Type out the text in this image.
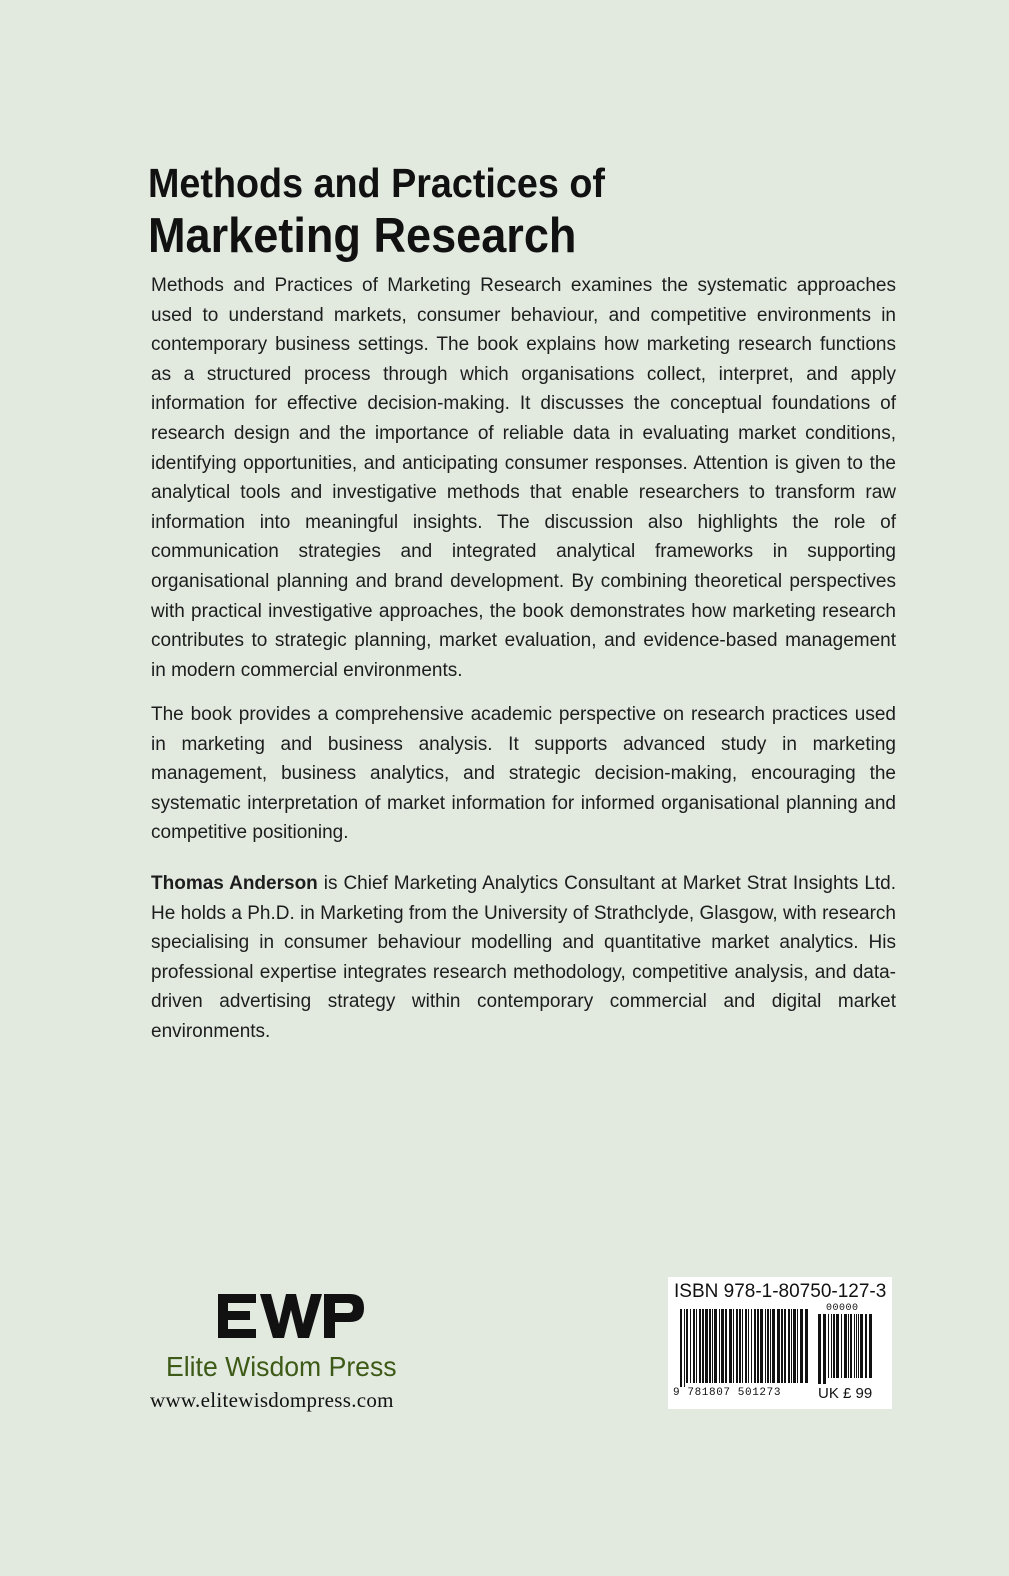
Methods and Practices of
Marketing Research

Methods and Practices of Marketing Research examines the systematic approaches used to understand markets, consumer behaviour, and competitive environments in contemporary business settings. The book explains how marketing research functions as a structured process through which organisations collect, interpret, and apply information for effective decision-making. It discusses the conceptual foundations of research design and the importance of reliable data in evaluating market conditions, identifying opportunities, and anticipating consumer responses. Attention is given to the analytical tools and investigative methods that enable researchers to transform raw information into meaningful insights. The discussion also highlights the role of communication strategies and integrated analytical frameworks in supporting organisational planning and brand development. By combining theoretical perspectives with practical investigative approaches, the book demonstrates how marketing research contributes to strategic planning, market evaluation, and evidence-based management in modern commercial environments.

The book provides a comprehensive academic perspective on research practices used in marketing and business analysis. It supports advanced study in marketing management, business analytics, and strategic decision-making, encouraging the systematic interpretation of market information for informed organisational planning and competitive positioning.

Thomas Anderson is Chief Marketing Analytics Consultant at Market Strat Insights Ltd. He holds a Ph.D. in Marketing from the University of Strathclyde, Glasgow, with research specialising in consumer behaviour modelling and quantitative market analytics. His professional expertise integrates research methodology, competitive analysis, and data-driven advertising strategy within contemporary commercial and digital market environments.

Elite Wisdom Press
www.elitewisdompress.com
ISBN 978-1-80750-127-3
00000
9 781807 501273 UK £ 99
